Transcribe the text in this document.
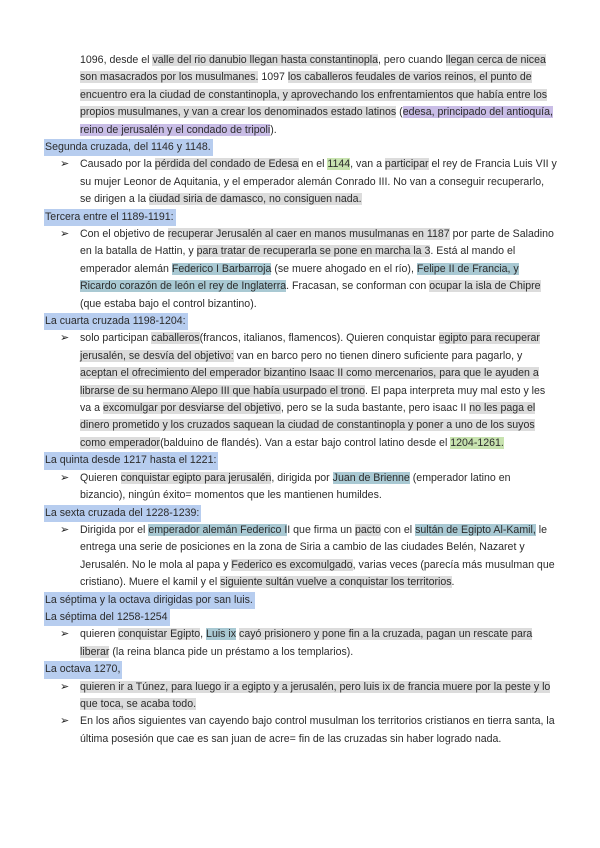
1096, desde el valle del rio danubio llegan hasta constantinopla, pero cuando llegan cerca de nicea son masacrados por los musulmanes. 1097 los caballeros feudales de varios reinos, el punto de encuentro era la ciudad de constantinopla, y aprovechando los enfrentamientos que había entre los propios musulmanes, y van a crear los denominados estado latinos (edesa, principado del antioquía, reino de jerusalén y el condado de tripoli).
Segunda cruzada, del 1146 y 1148.
➢ Causado por la pérdida del condado de Edesa en el 1144, van a participar el rey de Francia Luis VII y su mujer Leonor de Aquitania, y el emperador alemán Conrado III. No van a conseguir recuperarlo, se dirigen a la ciudad siria de damasco, no consiguen nada.
Tercera entre el 1189-1191:
➢ Con el objetivo de recuperar Jerusalén al caer en manos musulmanas en 1187 por parte de Saladino en la batalla de Hattin, y para tratar de recuperarla se pone en marcha la 3. Está al mando el emperador alemán Federico I Barbarroja (se muere ahogado en el río), Felipe II de Francia, y Ricardo corazón de león el rey de Inglaterra. Fracasan, se conforman con ocupar la isla de Chipre (que estaba bajo el control bizantino).
La cuarta cruzada 1198-1204:
➢ solo participan caballeros(francos, italianos, flamencos). Quieren conquistar egipto para recuperar jerusalén, se desvía del objetivo: van en barco pero no tienen dinero suficiente para pagarlo, y aceptan el ofrecimiento del emperador bizantino Isaac II como mercenarios, para que le ayuden a librarse de su hermano Alepo III que había usurpado el trono. El papa interpreta muy mal esto y les va a excomulgar por desviarse del objetivo, pero se la suda bastante, pero isaac II no les paga el dinero prometido y los cruzados saquean la ciudad de constantinopla y poner a uno de los suyos como emperador(balduino de flandés). Van a estar bajo control latino desde el 1204-1261.
La quinta desde 1217 hasta el 1221:
➢ Quieren conquistar egipto para jerusalén, dirigida por Juan de Brienne (emperador latino en bizancio), ningún éxito= momentos que les mantienen humildes.
La sexta cruzada del 1228-1239:
➢ Dirigida por el emperador alemán Federico II que firma un pacto con el sultán de Egipto Al-Kamil, le entrega una serie de posiciones en la zona de Siria a cambio de las ciudades Belén, Nazaret y Jerusalén. No le mola al papa y Federico es excomulgado, varias veces (parecía más musulman que cristiano). Muere el kamil y el siguiente sultán vuelve a conquistar los territorios.
La séptima y la octava dirigidas por san luis.
La séptima del 1258-1254
➢ quieren conquistar Egipto, Luis ix cayó prisionero y pone fin a la cruzada, pagan un rescate para liberar (la reina blanca pide un préstamo a los templarios).
La octava 1270,
➢ quieren ir a Túnez, para luego ir a egipto y a jerusalén, pero luis ix de francia muere por la peste y lo que toca, se acaba todo.
➢ En los años siguientes van cayendo bajo control musulman los territorios cristianos en tierra santa, la última posesión que cae es san juan de acre= fin de las cruzadas sin haber logrado nada.
